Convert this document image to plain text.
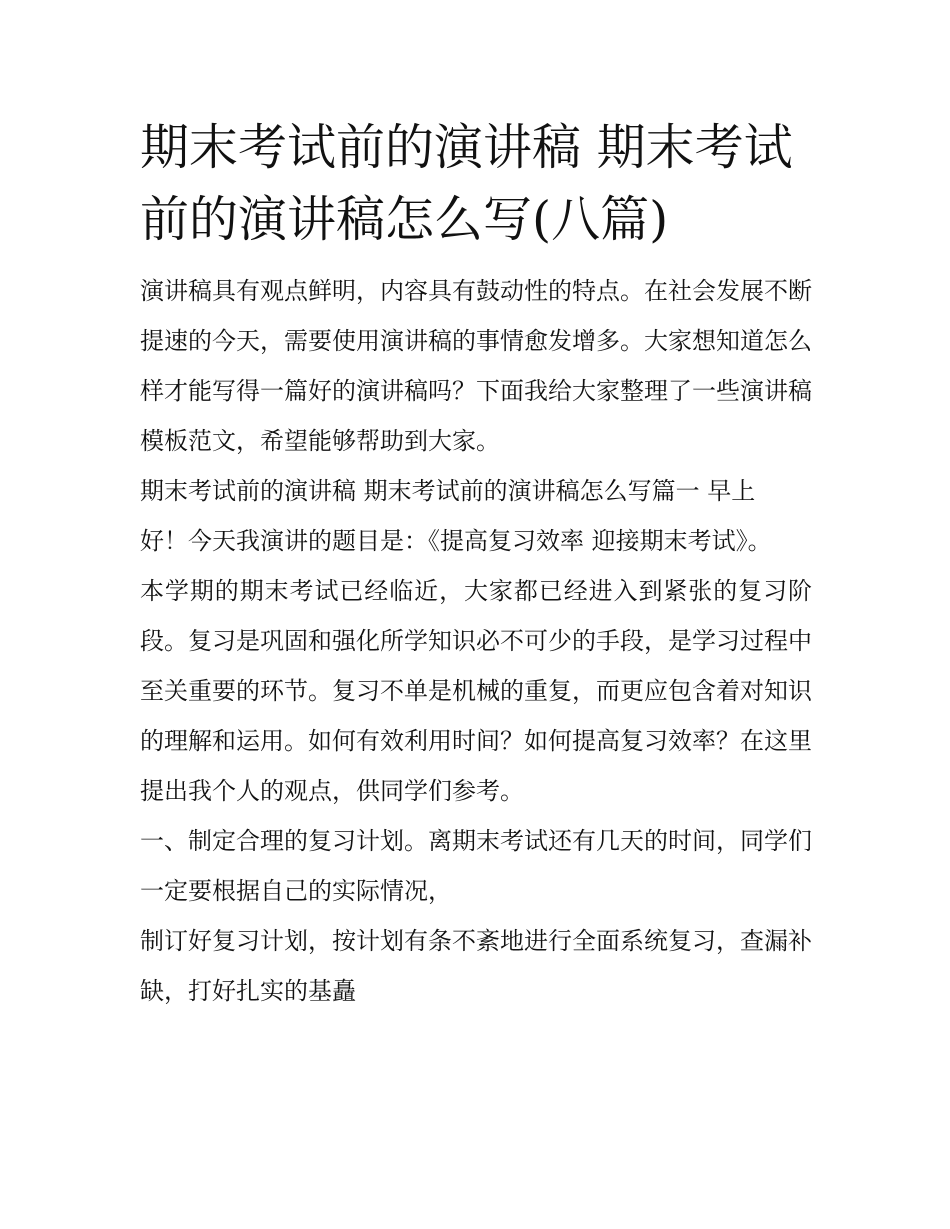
期末考试前的演讲稿 期末考试前的演讲稿怎么写(八篇)

演讲稿具有观点鲜明，内容具有鼓动性的特点。在社会发展不断提速的今天，需要使用演讲稿的事情愈发增多。大家想知道怎么样才能写得一篇好的演讲稿吗？下面我给大家整理了一些演讲稿模板范文，希望能够帮助到大家。

期末考试前的演讲稿 期末考试前的演讲稿怎么写篇一 早上好！今天我演讲的题目是：《提高复习效率 迎接期末考试》。

本学期的期末考试已经临近，大家都已经进入到紧张的复习阶段。复习是巩固和强化所学知识必不可少的手段，是学习过程中至关重要的环节。复习不单是机械的重复，而更应包含着对知识的理解和运用。如何有效利用时间？如何提高复习效率？在这里提出我个人的观点，供同学们参考。

一、制定合理的复习计划。离期末考试还有几天的时间，同学们一定要根据自己的实际情况，

制订好复习计划，按计划有条不紊地进行全面系统复习，查漏补缺，打好扎实的基矗
